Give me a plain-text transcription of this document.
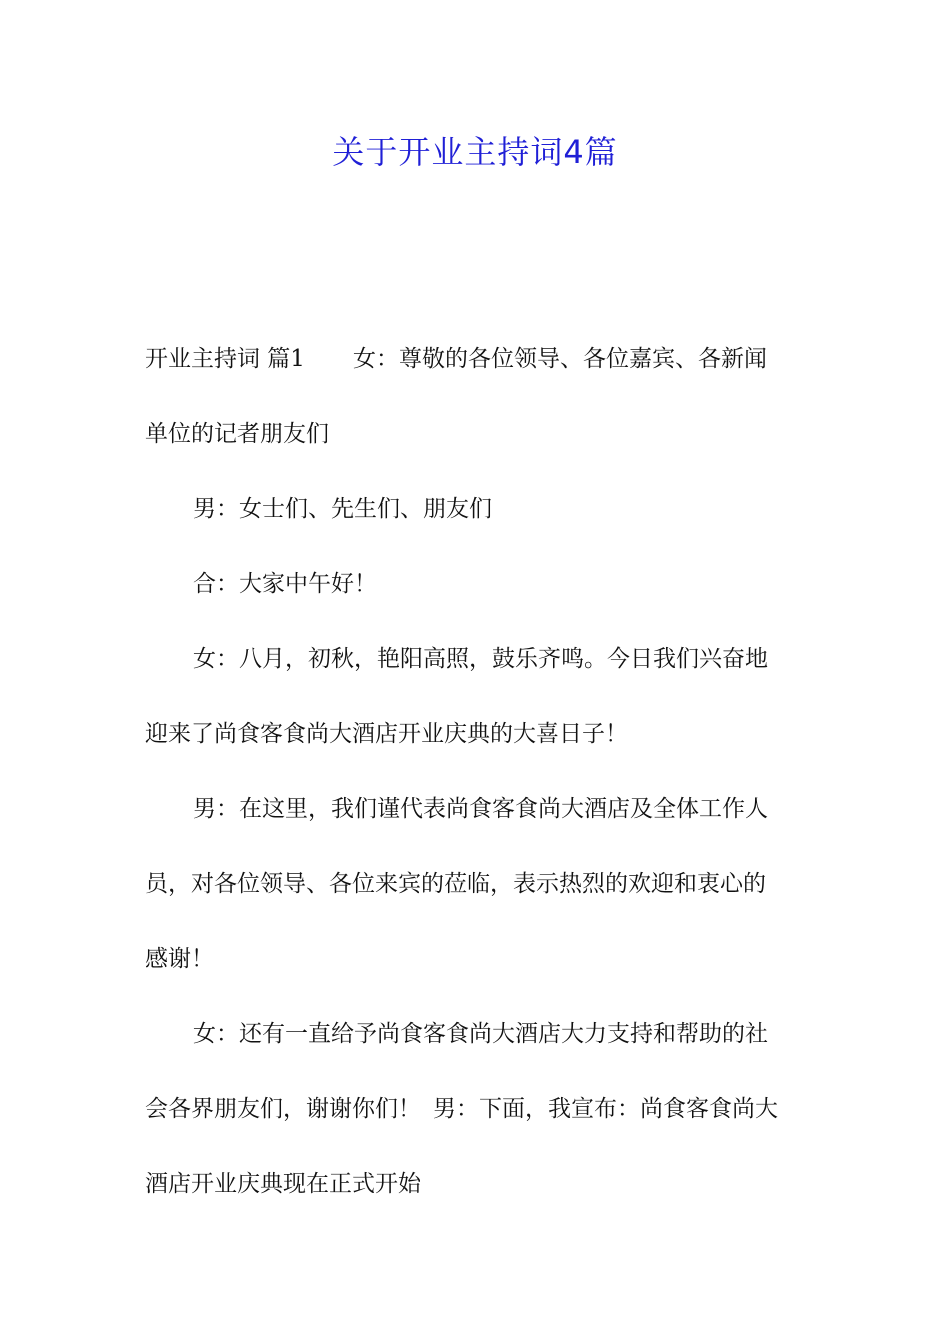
关于开业主持词4篇
开业主持词 篇1 女：尊敬的各位领导、各位嘉宾、各新闻
单位的记者朋友们
男：女士们、先生们、朋友们
合：大家中午好！
女：八月，初秋，艳阳高照，鼓乐齐鸣。今日我们兴奋地
迎来了尚食客食尚大酒店开业庆典的大喜日子！
男：在这里，我们谨代表尚食客食尚大酒店及全体工作人
员，对各位领导、各位来宾的莅临，表示热烈的欢迎和衷心的
感谢！
女：还有一直给予尚食客食尚大酒店大力支持和帮助的社
会各界朋友们，谢谢你们！ 男：下面，我宣布：尚食客食尚大
酒店开业庆典现在正式开始
